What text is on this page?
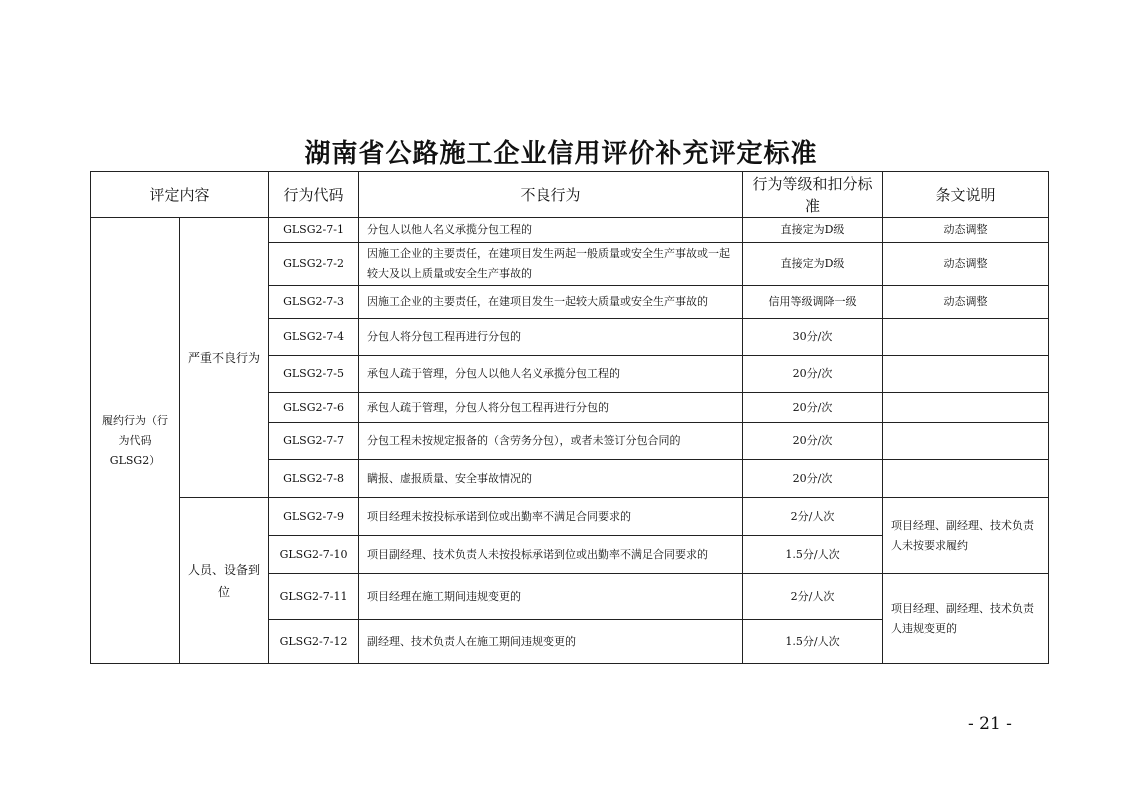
湖南省公路施工企业信用评价补充评定标准
评定内容		行为代码	不良行为	行为等级和扣分标准	条文说明
履约行为（行为代码GLSG2）	严重不良行为	GLSG2-7-1	分包人以他人名义承揽分包工程的	直接定为D级	动态调整
		GLSG2-7-2	因施工企业的主要责任，在建项目发生两起一般质量或安全生产事故或一起较大及以上质量或安全生产事故的	直接定为D级	动态调整
		GLSG2-7-3	因施工企业的主要责任，在建项目发生一起较大质量或安全生产事故的	信用等级调降一级	动态调整
		GLSG2-7-4	分包人将分包工程再进行分包的	30分/次	
		GLSG2-7-5	承包人疏于管理，分包人以他人名义承揽分包工程的	20分/次	
		GLSG2-7-6	承包人疏于管理，分包人将分包工程再进行分包的	20分/次	
		GLSG2-7-7	分包工程未按规定报备的（含劳务分包），或者未签订分包合同的	20分/次	
		GLSG2-7-8	瞒报、虚报质量、安全事故情况的	20分/次	
	人员、设备到位	GLSG2-7-9	项目经理未按投标承诺到位或出勤率不满足合同要求的	2分/人次	项目经理、副经理、技术负责人未按要求履约
		GLSG2-7-10	项目副经理、技术负责人未按投标承诺到位或出勤率不满足合同要求的	1.5分/人次	
		GLSG2-7-11	项目经理在施工期间违规变更的	2分/人次	项目经理、副经理、技术负责人违规变更的
		GLSG2-7-12	副经理、技术负责人在施工期间违规变更的	1.5分/人次	
- 21 -
